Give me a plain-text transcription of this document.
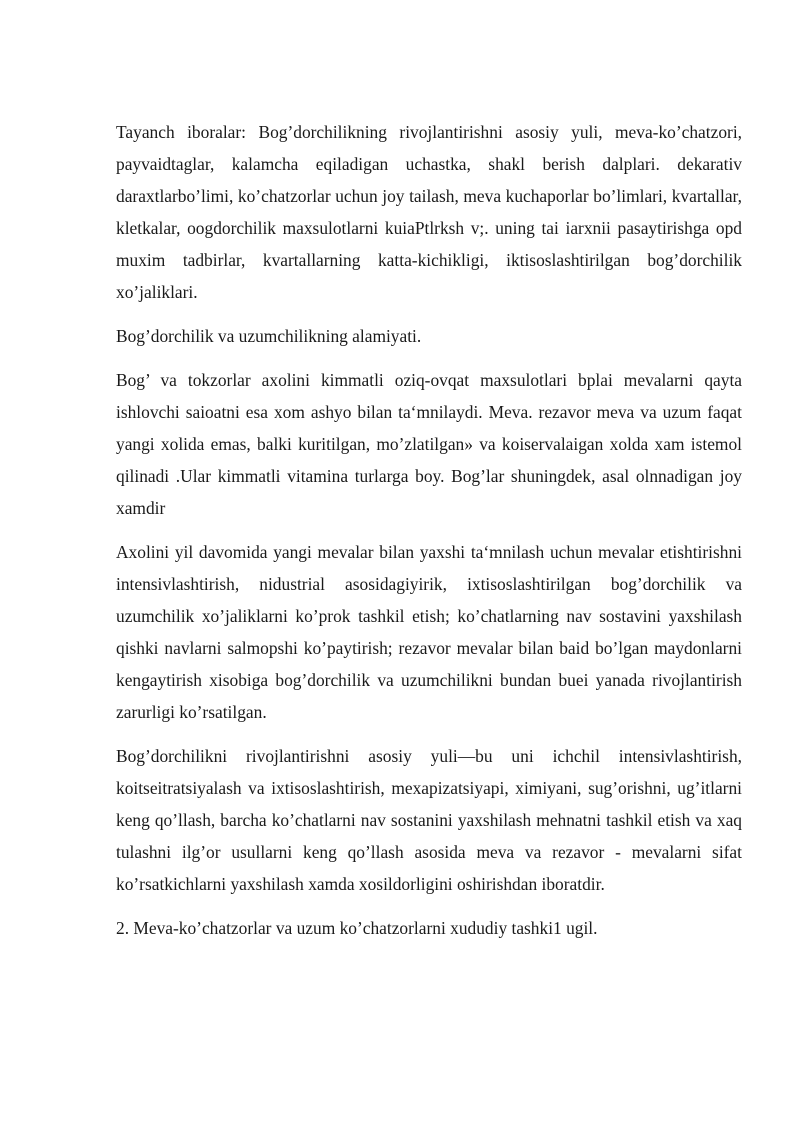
Tayanch iboralar: Bog’dorchilikning rivojlantirishni asosiy yuli, meva-ko’chatzori, payvaidtaglar, kalamcha eqiladigan uchastka, shakl berish dalplari. dekarativ daraxtlarbo’limi, ko’chatzorlar uchun joy tailash, meva kuchaporlar bo’limlari, kvartallar, kletkalar, oogdorchilik maxsulotlarni kuiaPtlrksh v;. uning tai iarxnii pasaytirishga opd muxim tadbirlar, kvartallarning katta-kichikligi, iktisoslashtirilgan bog’dorchilik xo’jaliklari.

Bog’dorchilik va uzumchilikning alamiyati.

Bog’ va tokzorlar axolini kimmatli oziq-ovqat maxsulotlari bplai mevalarni qayta ishlovchi saioatni esa xom ashyo bilan ta‘mnilaydi. Meva. rezavor meva va uzum faqat yangi xolida emas, balki kuritilgan, mo’zlatilgan» va koiservalaigan xolda xam istemol qilinadi .Ular kimmatli vitamina turlarga boy. Bog’lar shuningdek, asal olnnadigan joy xamdir

Axolini yil davomida yangi mevalar bilan yaxshi ta‘mnilash uchun mevalar etishtirishni intensivlashtirish, nidustrial asosidagiyirik, ixtisoslashtirilgan bog’dorchilik va uzumchilik xo’jaliklarni ko’prok tashkil etish; ko’chatlarning nav sostavini yaxshilash qishki navlarni salmopshi ko’paytirish; rezavor mevalar bilan baid bo’lgan maydonlarni kengaytirish xisobiga bog’dorchilik va uzumchilikni bundan buei yanada rivojlantirish zarurligi ko’rsatilgan.

Bog’dorchilikni rivojlantirishni asosiy yuli—bu uni ichchil intensivlashtirish, koitseitratsiyalash va ixtisoslashtirish, mexapizatsiyapi, ximiyani, sug’orishni, ug’itlarni keng qo’llash, barcha ko’chatlarni nav sostanini yaxshilash mehnatni tashkil etish va xaq tulashni ilg’or usullarni keng qo’llash asosida meva va rezavor - mevalarni sifat ko’rsatkichlarni yaxshilash xamda xosildorligini oshirishdan iboratdir.

2. Meva-ko’chatzorlar va uzum ko’chatzorlarni xududiy tashki1 ugil.
